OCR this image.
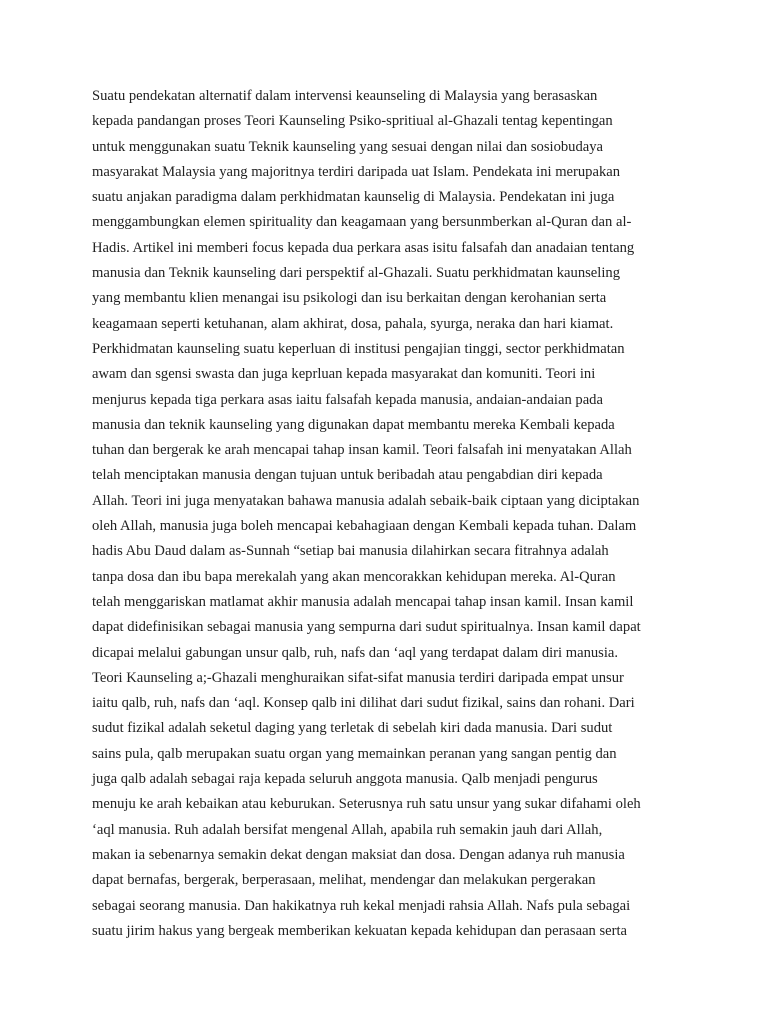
Suatu pendekatan alternatif dalam intervensi keaunseling di Malaysia yang berasaskan
kepada pandangan proses Teori Kaunseling Psiko-spritiual al-Ghazali tentag kepentingan
untuk menggunakan suatu Teknik kaunseling yang sesuai dengan nilai dan sosiobudaya
masyarakat Malaysia yang majoritnya terdiri daripada uat Islam. Pendekata ini merupakan
suatu anjakan paradigma dalam perkhidmatan kaunselig di Malaysia. Pendekatan ini juga
menggambungkan elemen spirituality dan keagamaan yang bersunmberkan al-Quran dan al-
Hadis. Artikel ini memberi focus kepada dua perkara asas isitu falsafah dan anadaian tentang
manusia dan Teknik kaunseling dari perspektif al-Ghazali. Suatu perkhidmatan kaunseling
yang membantu klien menangai isu psikologi dan isu berkaitan dengan kerohanian serta
keagamaan seperti ketuhanan, alam akhirat, dosa, pahala, syurga, neraka dan hari kiamat.
Perkhidmatan kaunseling suatu keperluan di institusi pengajian tinggi, sector perkhidmatan
awam dan sgensi swasta dan juga keprluan kepada masyarakat dan komuniti. Teori ini
menjurus kepada tiga perkara asas iaitu falsafah kepada manusia, andaian-andaian pada
manusia dan teknik kaunseling yang digunakan dapat membantu mereka Kembali kepada
tuhan dan bergerak ke arah mencapai tahap insan kamil. Teori falsafah ini menyatakan Allah
telah menciptakan manusia dengan tujuan untuk beribadah atau pengabdian diri kepada
Allah. Teori ini juga menyatakan bahawa manusia adalah sebaik-baik ciptaan yang diciptakan
oleh Allah, manusia juga boleh mencapai kebahagiaan dengan Kembali kepada tuhan. Dalam
hadis Abu Daud dalam as-Sunnah “setiap bai manusia dilahirkan secara fitrahnya adalah
tanpa dosa dan ibu bapa merekalah yang akan mencorakkan kehidupan mereka. Al-Quran
telah menggariskan matlamat akhir manusia adalah mencapai tahap insan kamil. Insan kamil
dapat didefinisikan sebagai manusia yang sempurna dari sudut spiritualnya. Insan kamil dapat
dicapai melalui gabungan unsur qalb, ruh, nafs dan ‘aql yang terdapat dalam diri manusia.
Teori Kaunseling a;-Ghazali menghuraikan sifat-sifat manusia terdiri daripada empat unsur
iaitu qalb, ruh, nafs dan ‘aql. Konsep qalb ini dilihat dari sudut fizikal, sains dan rohani. Dari
sudut fizikal adalah seketul daging yang terletak di sebelah kiri dada manusia. Dari sudut
sains pula, qalb merupakan suatu organ yang memainkan peranan yang sangan pentig dan
juga qalb adalah sebagai raja kepada seluruh anggota manusia. Qalb menjadi pengurus
menuju ke arah kebaikan atau keburukan. Seterusnya ruh satu unsur yang sukar difahami oleh
‘aql manusia. Ruh adalah bersifat mengenal Allah, apabila ruh semakin jauh dari Allah,
makan ia sebenarnya semakin dekat dengan maksiat dan dosa. Dengan adanya ruh manusia
dapat bernafas, bergerak, berperasaan, melihat, mendengar dan melakukan pergerakan
sebagai seorang manusia. Dan hakikatnya ruh kekal menjadi rahsia Allah. Nafs pula sebagai
suatu jirim hakus yang bergeak memberikan kekuatan kepada kehidupan dan perasaan serta
